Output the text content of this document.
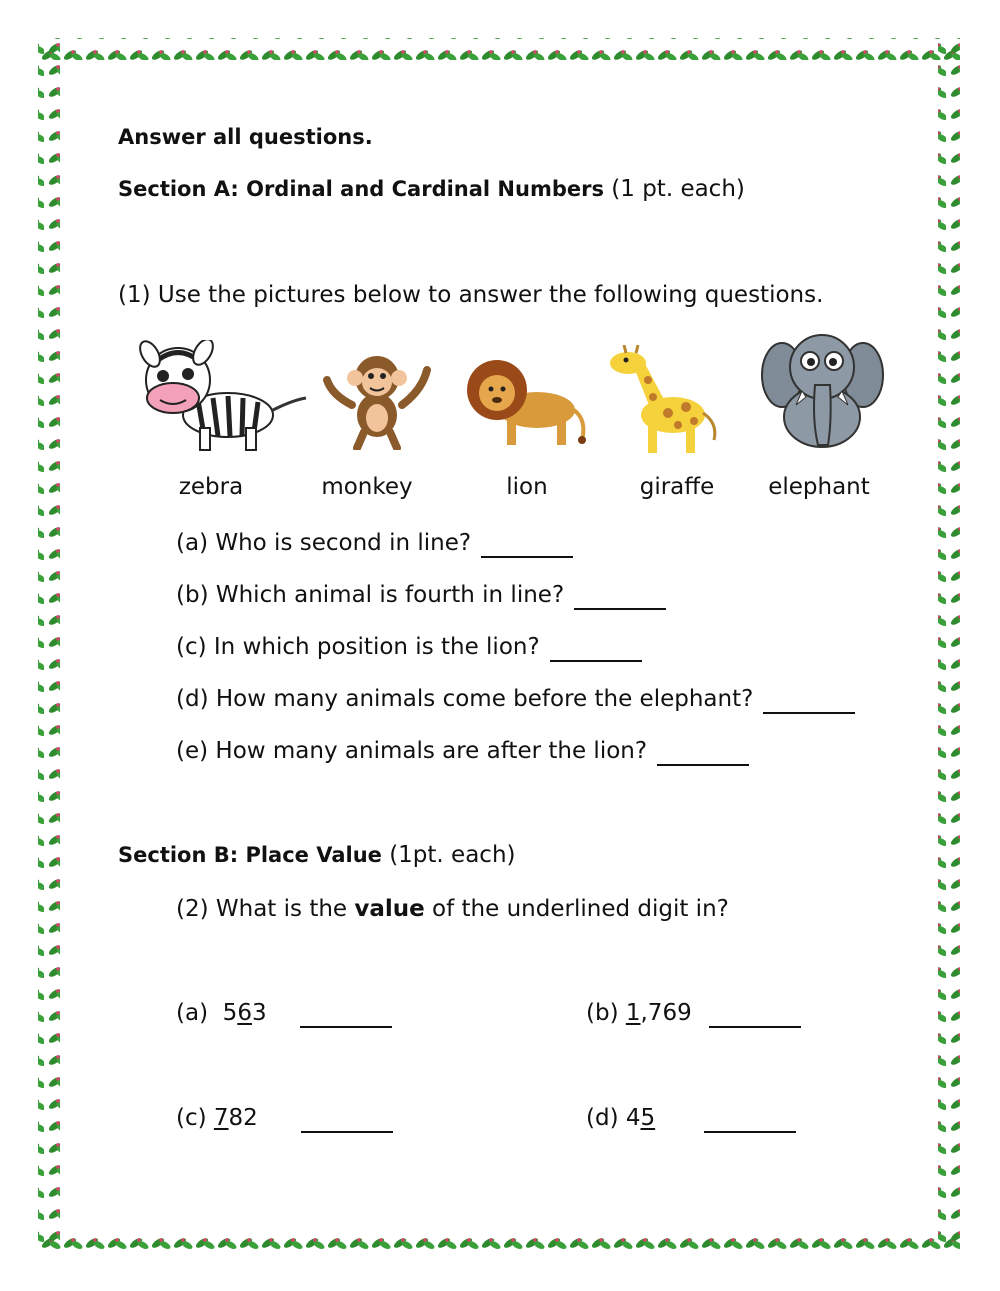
Answer all questions.
Section A: Ordinal and Cardinal Numbers (1 pt. each)
(1) Use the pictures below to answer the following questions.
zebra	monkey	lion	giraffe	elephant
(a) Who is second in line?
(b) Which animal is fourth in line?
(c) In which position is the lion?
(d) How many animals come before the elephant?
(e) How many animals are after the lion?
Section B: Place Value (1pt. each)
(2) What is the value of the underlined digit in?
(a) 563	(b) 1,769
(c) 782	(d) 45
